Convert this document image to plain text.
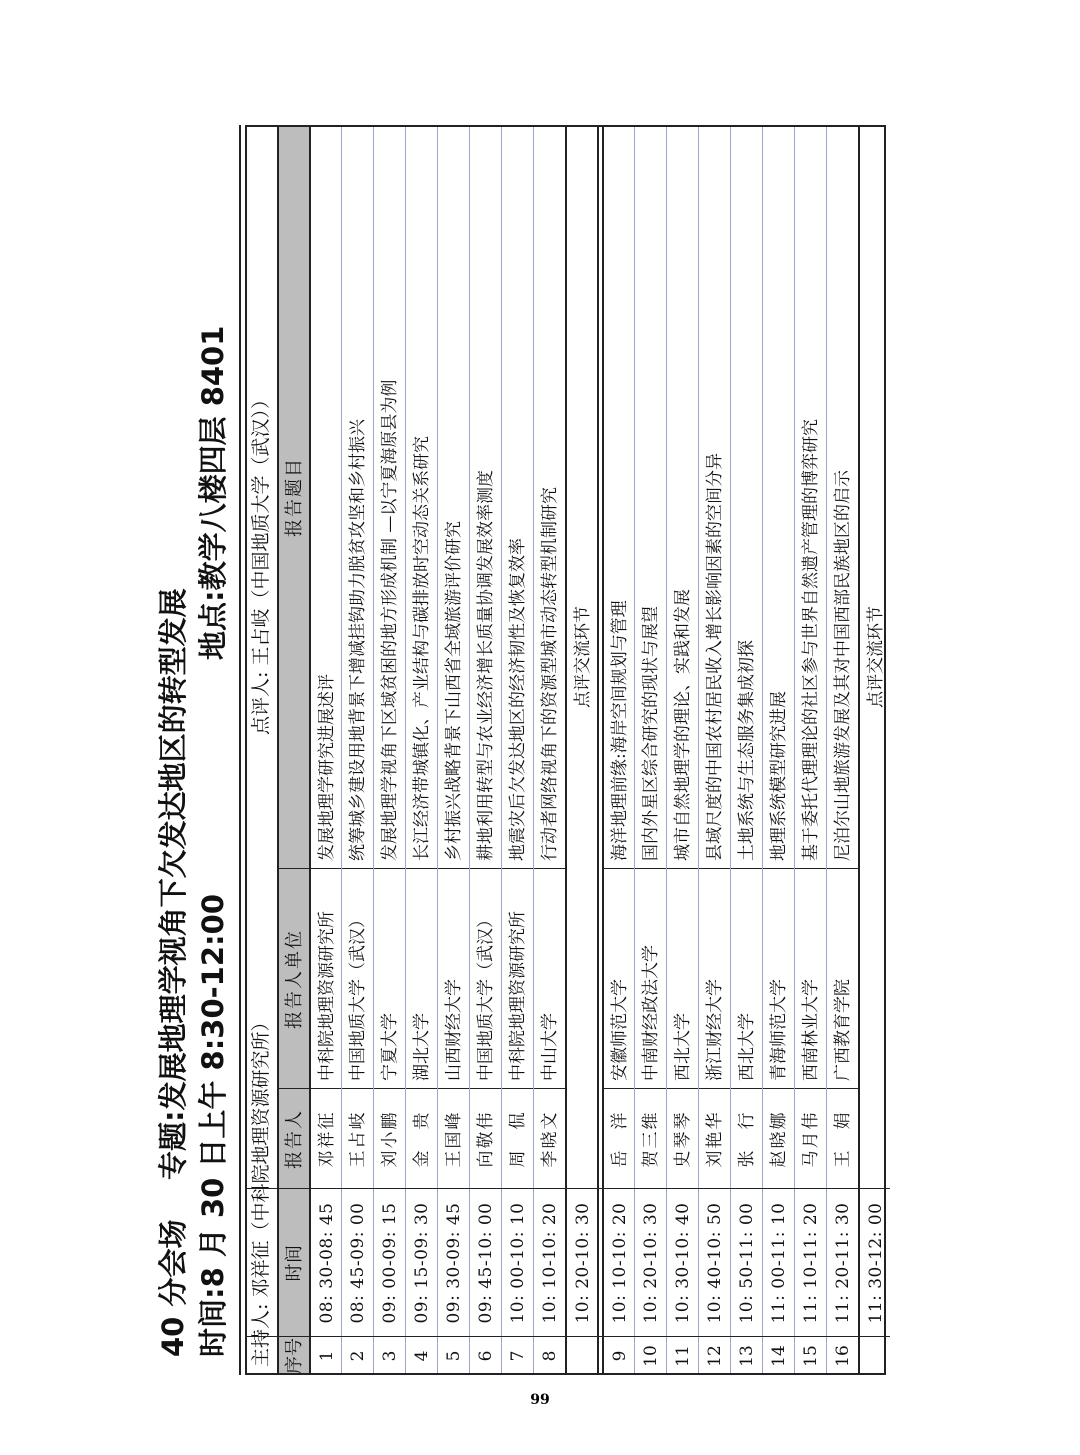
40 分会场
专题:发展地理学视角下欠发达地区的转型发展 时间:8 月 30 日上午 8:30-12:00
地点:教学八楼四层 8401
主持人: 邓祥征（中科院地理资源研究所）
点评人: 王占岐（中国地质大学（武汉））
序号
时间
报告人
报告人单位
报告题目
1
08: 30-08: 45
邓祥征
中科院地理资源研究所
发展地理学研究进展述评
2
08: 45-09: 00
王占岐
中国地质大学（武汉）
统筹城乡建设用地背景下增减挂钩助力脱贫攻坚和乡村振兴
3
09: 00-09: 15
刘小鹏
宁夏大学
发展地理学视角下区域贫困的地方形成机制 —以宁夏海原县为例
4
09: 15-09: 30
金　贵
湖北大学
长江经济带城镇化、产业结构与碳排放时空动态关系研究
5
09: 30-09: 45
王国峰
山西财经大学
乡村振兴战略背景下山西省全域旅游评价研究
6
09: 45-10: 00
向敬伟
中国地质大学（武汉）
耕地利用转型与农业经济增长质量协调发展效率测度
7
10: 00-10: 10
周　侃
中科院地理资源研究所
地震灾后欠发达地区的经济韧性及恢复效率
8
10: 10-10: 20
李晓文
中山大学
行动者网络视角下的资源型城市动态转型机制研究
10: 20-10: 30
点评交流环节
9
10: 10-10: 20
岳　洋
安徽师范大学
海洋地理前缘:海岸空间规划与管理
10
10: 20-10: 30
贺三维
中南财经政法大学
国内外星区综合研究的现状与展望
11
10: 30-10: 40
史琴琴
西北大学
城市自然地理学的理论、实践和发展
12
10: 40-10: 50
刘艳华
浙江财经大学
县域尺度的中国农村居民收入增长影响因素的空间分异
13
10: 50-11: 00
张　行
西北大学
土地系统与生态服务集成初探
14
11: 00-11: 10
赵晓娜
青海师范大学
地理系统模型研究进展
15
11: 10-11: 20
马月伟
西南林业大学
基于委托代理理论的社区参与世界自然遗产管理的博弈研究
16
11: 20-11: 30
王　娟
广西教育学院
尼泊尔山地旅游发展及其对中国西部民族地区的启示
11: 30-12: 00
点评交流环节
99
